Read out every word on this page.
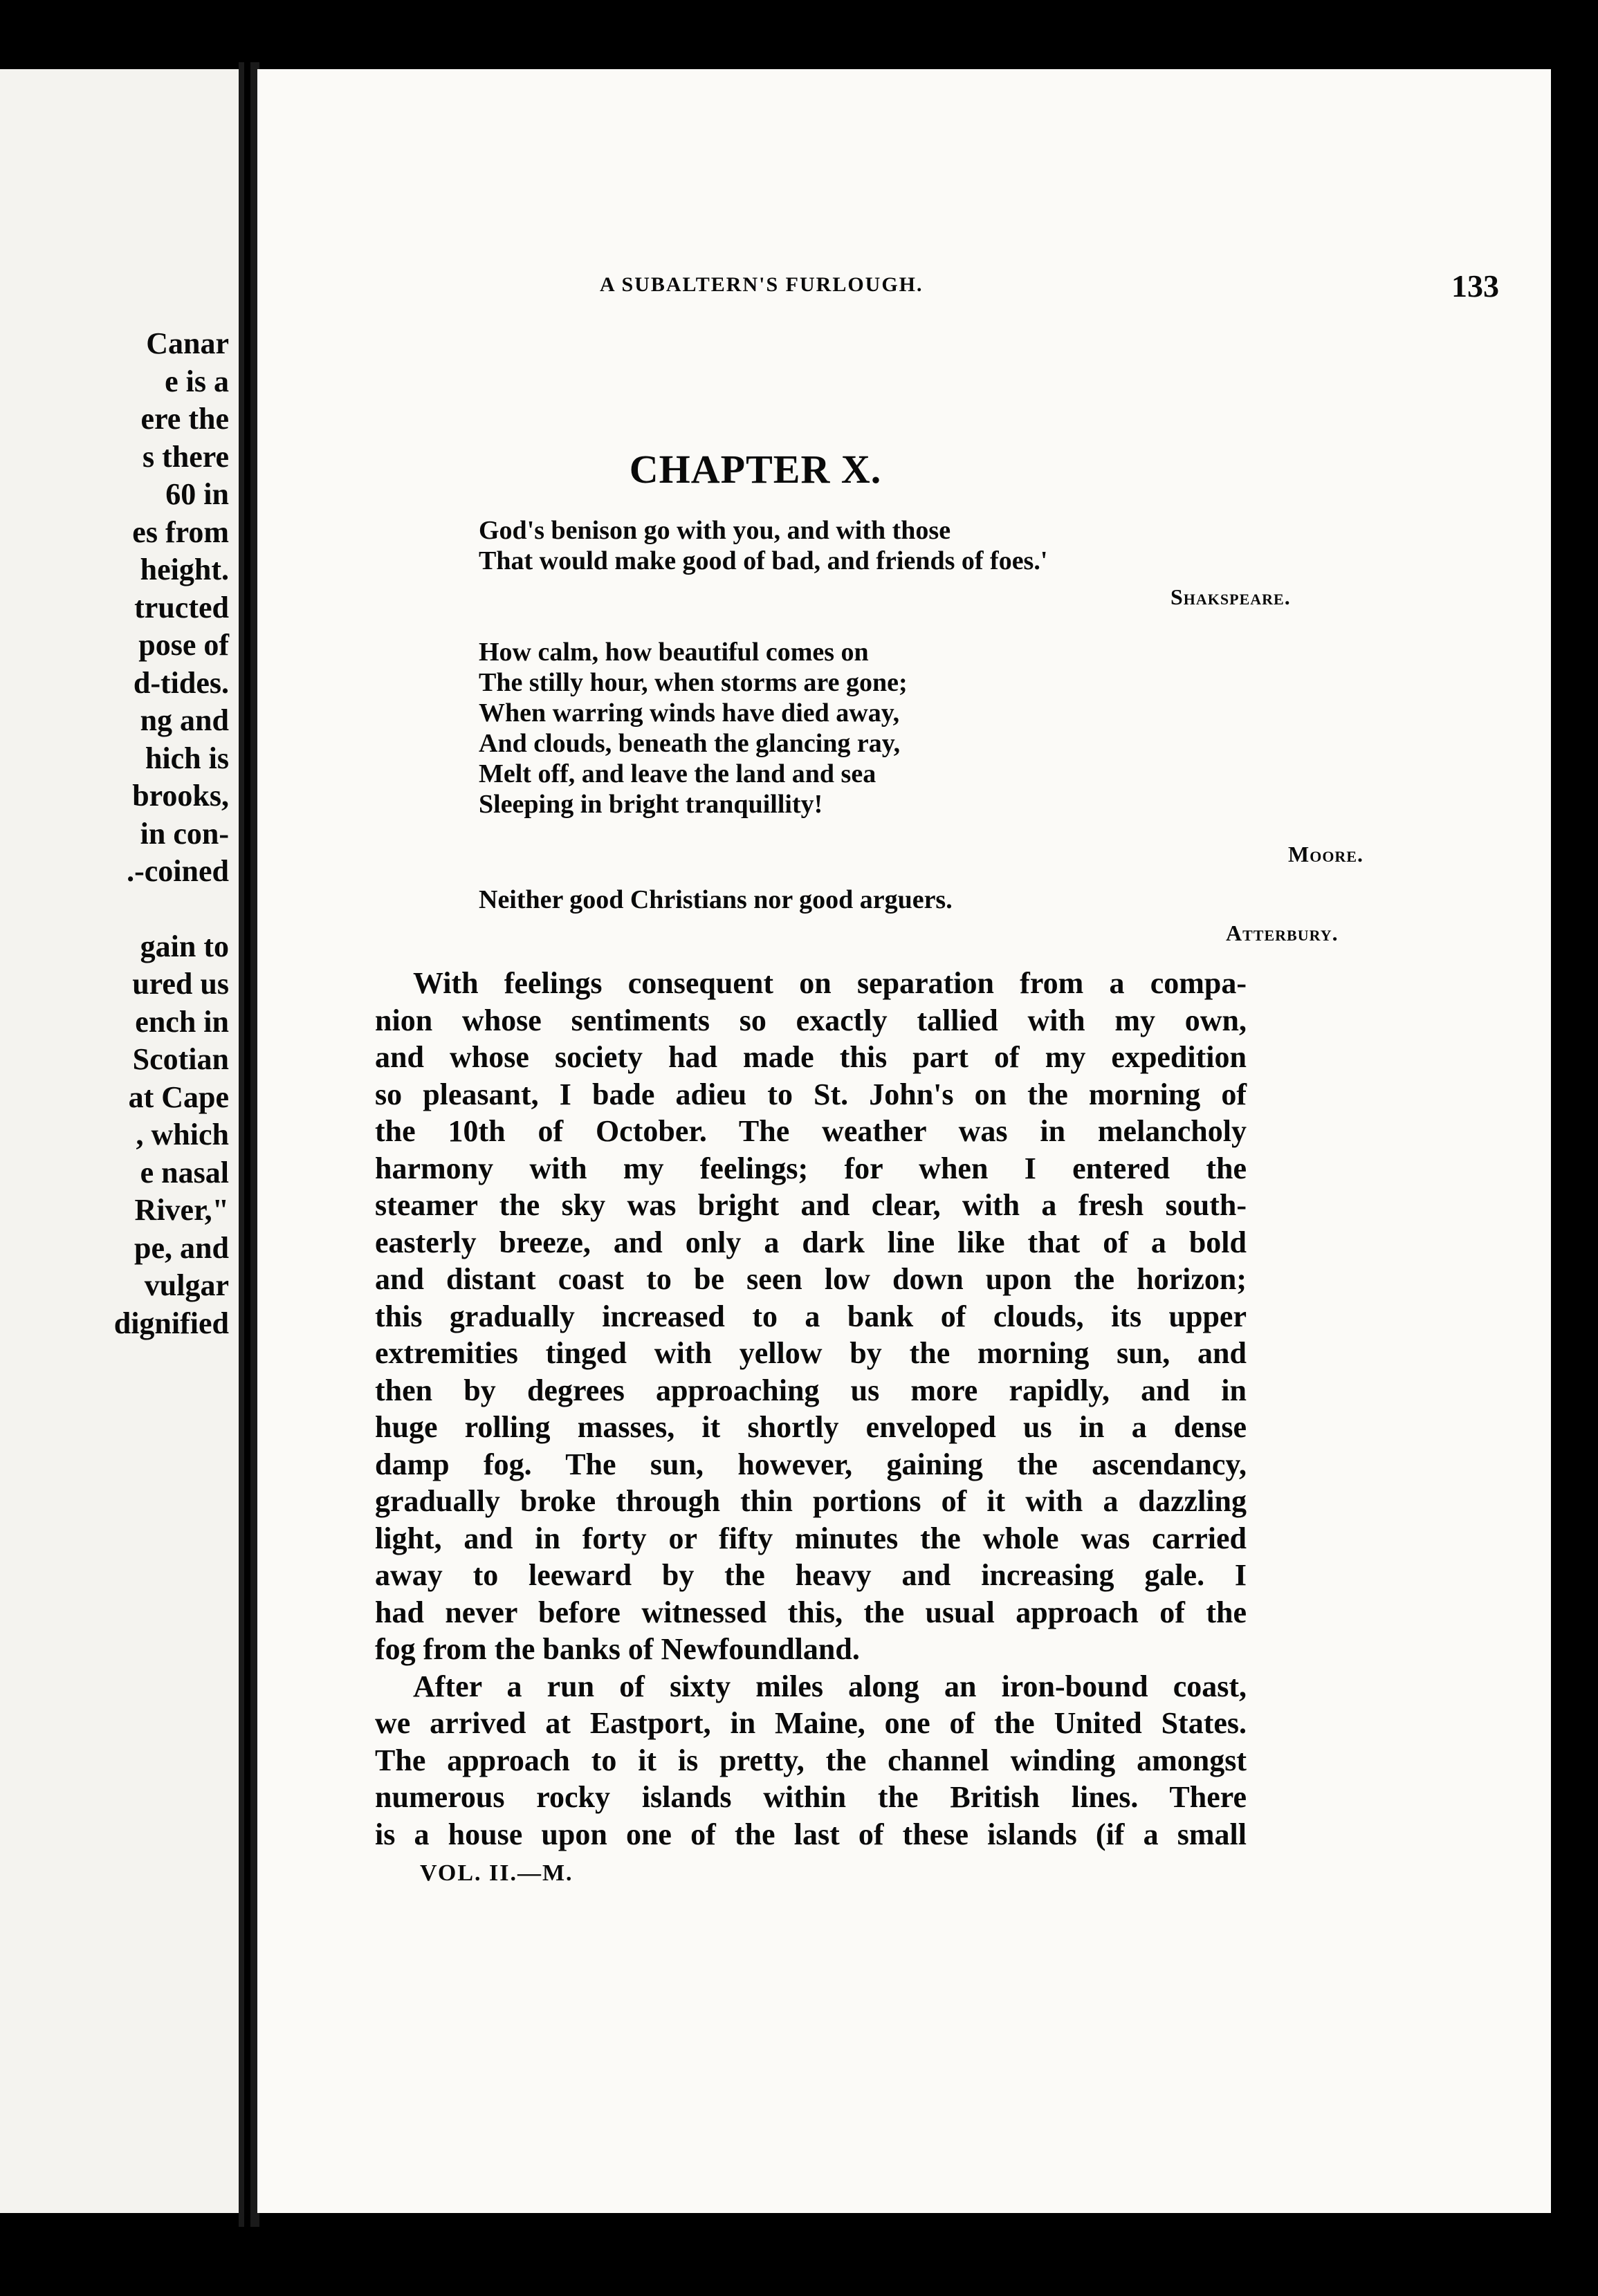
Canar
e is a
ere the
s there
60 in
es from
height.
tructed
pose of
d-tides.
ng and
hich is
brooks,
in con-
.-coined
gain to
ured us
ench in
Scotian
at Cape
, which
e nasal
River,"
pe, and
vulgar
dignified
A SUBALTERN'S FURLOUGH.	133
CHAPTER X.
God's benison go with you, and with those
That would make good of bad, and friends of foes.'
Shakspeare.
How calm, how beautiful comes on
The stilly hour, when storms are gone;
When warring winds have died away,
And clouds, beneath the glancing ray,
Melt off, and leave the land and sea
Sleeping in bright tranquillity!
Moore.
Neither good Christians nor good arguers.
Atterbury.
With feelings consequent on separation from a compa-
nion whose sentiments so exactly tallied with my own,
and whose society had made this part of my expedition
so pleasant, I bade adieu to St. John's on the morning of
the 10th of October. The weather was in melancholy
harmony with my feelings; for when I entered the
steamer the sky was bright and clear, with a fresh south-
easterly breeze, and only a dark line like that of a bold
and distant coast to be seen low down upon the horizon;
this gradually increased to a bank of clouds, its upper
extremities tinged with yellow by the morning sun, and
then by degrees approaching us more rapidly, and in
huge rolling masses, it shortly enveloped us in a dense
damp fog. The sun, however, gaining the ascendancy,
gradually broke through thin portions of it with a dazzling
light, and in forty or fifty minutes the whole was carried
away to leeward by the heavy and increasing gale. I
had never before witnessed this, the usual approach of the
fog from the banks of Newfoundland.
After a run of sixty miles along an iron-bound coast,
we arrived at Eastport, in Maine, one of the United States.
The approach to it is pretty, the channel winding amongst
numerous rocky islands within the British lines. There
is a house upon one of the last of these islands (if a small
VOL. II.—M.
